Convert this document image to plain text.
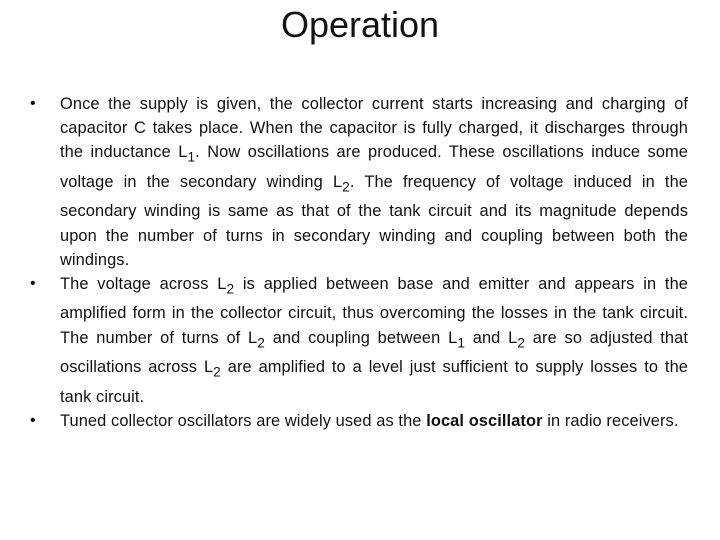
Operation
• Once the supply is given, the collector current starts increasing and charging of capacitor C takes place. When the capacitor is fully charged, it discharges through the inductance $L_1$. Now oscillations are produced. These oscillations induce some voltage in the secondary winding $L_2$. The frequency of voltage induced in the secondary winding is same as that of the tank circuit and its magnitude depends upon the number of turns in secondary winding and coupling between both the windings.
• The voltage across $L_2$ is applied between base and emitter and appears in the amplified form in the collector circuit, thus overcoming the losses in the tank circuit. The number of turns of $L_2$ and coupling between $L_1$ and $L_2$ are so adjusted that oscillations across $L_2$ are amplified to a level just sufficient to supply losses to the tank circuit.
• Tuned collector oscillators are widely used as the local oscillator in radio receivers.
